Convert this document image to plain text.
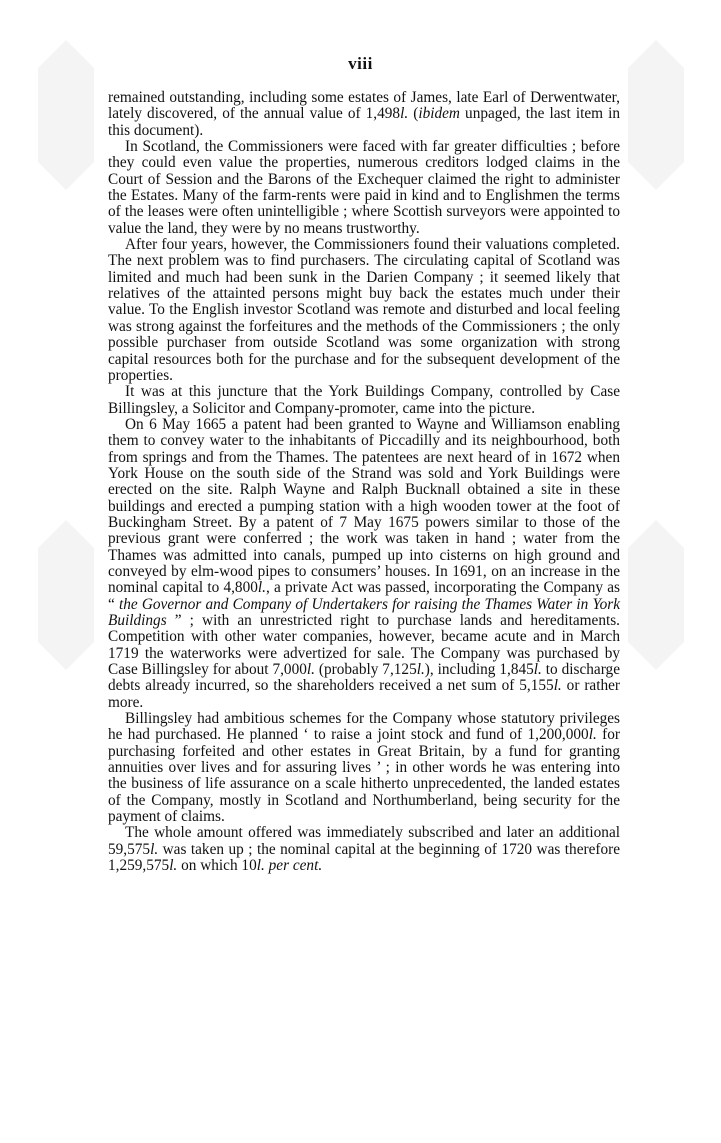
viii

remained outstanding, including some estates of James, late Earl of Derwentwater, lately discovered, of the annual value of 1,498l. (ibidem unpaged, the last item in this document).

In Scotland, the Commissioners were faced with far greater difficulties ; before they could even value the properties, numerous creditors lodged claims in the Court of Session and the Barons of the Exchequer claimed the right to administer the Estates. Many of the farm-rents were paid in kind and to Englishmen the terms of the leases were often unintelligible ; where Scottish surveyors were appointed to value the land, they were by no means trustworthy.

After four years, however, the Commissioners found their valuations completed. The next problem was to find purchasers. The circulating capital of Scotland was limited and much had been sunk in the Darien Company ; it seemed likely that relatives of the attainted persons might buy back the estates much under their value. To the English investor Scotland was remote and disturbed and local feeling was strong against the forfeitures and the methods of the Commissioners ; the only possible purchaser from outside Scotland was some organization with strong capital resources both for the purchase and for the subsequent development of the properties.

It was at this juncture that the York Buildings Company, controlled by Case Billingsley, a Solicitor and Company-promoter, came into the picture.

On 6 May 1665 a patent had been granted to Wayne and Williamson enabling them to convey water to the inhabitants of Piccadilly and its neighbourhood, both from springs and from the Thames. The patentees are next heard of in 1672 when York House on the south side of the Strand was sold and York Buildings were erected on the site. Ralph Wayne and Ralph Bucknall obtained a site in these buildings and erected a pumping station with a high wooden tower at the foot of Buckingham Street. By a patent of 7 May 1675 powers similar to those of the previous grant were conferred ; the work was taken in hand ; water from the Thames was admitted into canals, pumped up into cisterns on high ground and conveyed by elm-wood pipes to consumers’ houses. In 1691, on an increase in the nominal capital to 4,800l., a private Act was passed, incorporating the Company as “ the Governor and Company of Undertakers for raising the Thames Water in York Buildings ” ; with an unrestricted right to purchase lands and hereditaments. Competition with other water companies, however, became acute and in March 1719 the waterworks were advertized for sale. The Company was purchased by Case Billingsley for about 7,000l. (probably 7,125l.), including 1,845l. to discharge debts already incurred, so the shareholders received a net sum of 5,155l. or rather more.

Billingsley had ambitious schemes for the Company whose statutory privileges he had purchased. He planned ‘ to raise a joint stock and fund of 1,200,000l. for purchasing forfeited and other estates in Great Britain, by a fund for granting annuities over lives and for assuring lives ’ ; in other words he was entering into the business of life assurance on a scale hitherto unprecedented, the landed estates of the Company, mostly in Scotland and Northumberland, being security for the payment of claims.

The whole amount offered was immediately subscribed and later an additional 59,575l. was taken up ; the nominal capital at the beginning of 1720 was therefore 1,259,575l. on which 10l. per cent.
